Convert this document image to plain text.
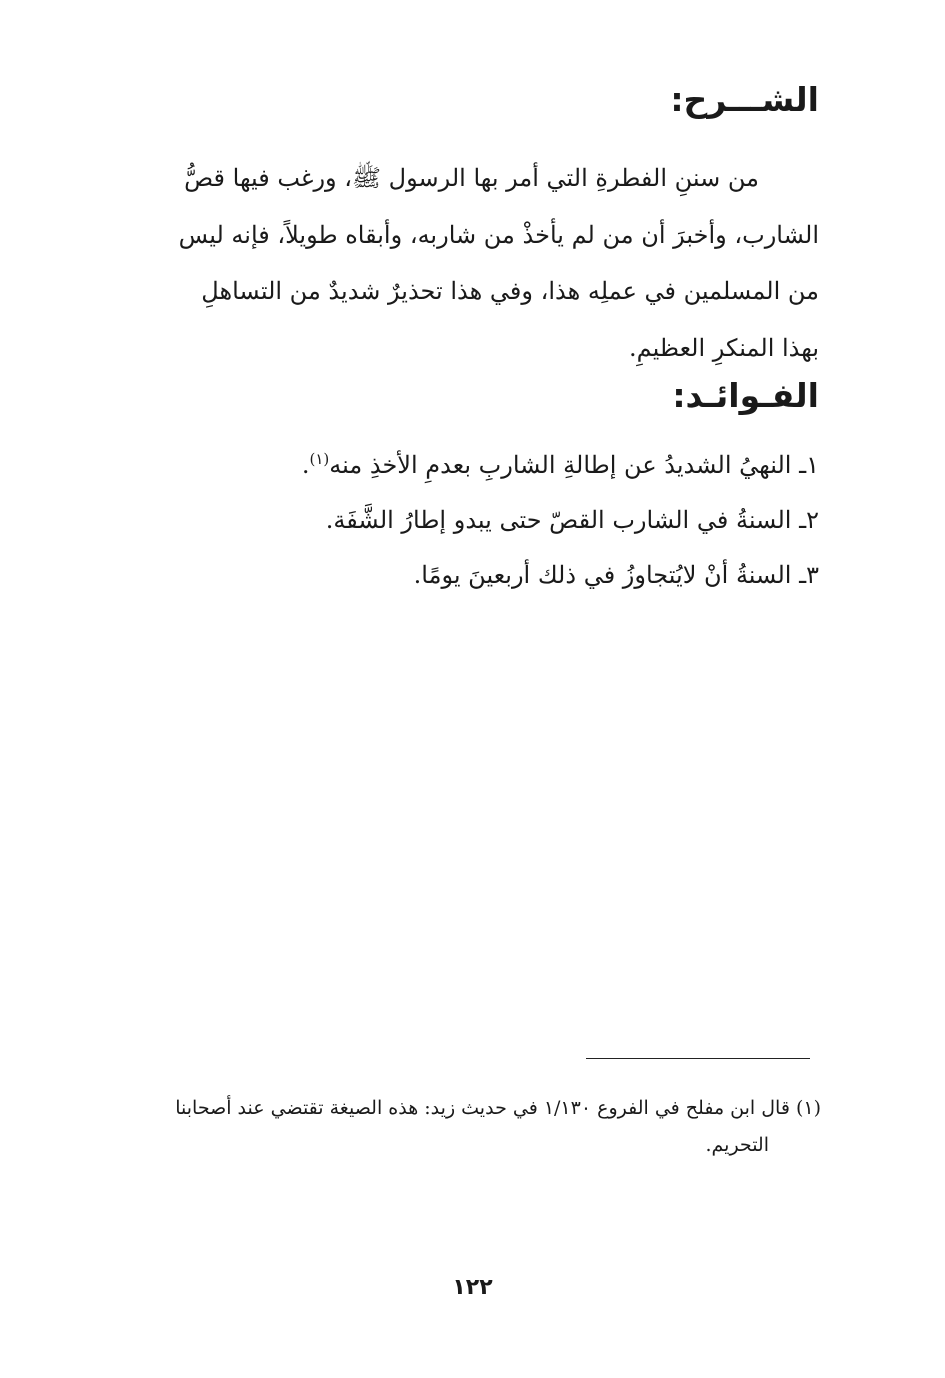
الشـــرح:
من سننِ الفطرةِ التي أمر بها الرسول ﷺ، ورغب فيها قصُّ
الشارب، وأخبرَ أن من لم يأخذْ من شاربه، وأبقاه طويلاً، فإنه ليس
من المسلمين في عملِه هذا، وفي هذا تحذيرٌ شديدٌ من التساهلِ
بهذا المنكرِ العظيمِ.
الفـوائـد:
١ـ النهيُ الشديدُ عن إطالةِ الشاربِ بعدمِ الأخذِ منه$^{(١)}$.
٢ـ السنةُ في الشارب القصّ حتى يبدو إطارُ الشَّفَة.
٣ـ السنةُ أنْ لايُتجاوزُ في ذلك أربعينَ يومًا.
(١) قال ابن مفلح في الفروع ١/١٣٠ في حديث زيد: هذه الصيغة تقتضي عند أصحابنا
التحريم.
١٢٢
